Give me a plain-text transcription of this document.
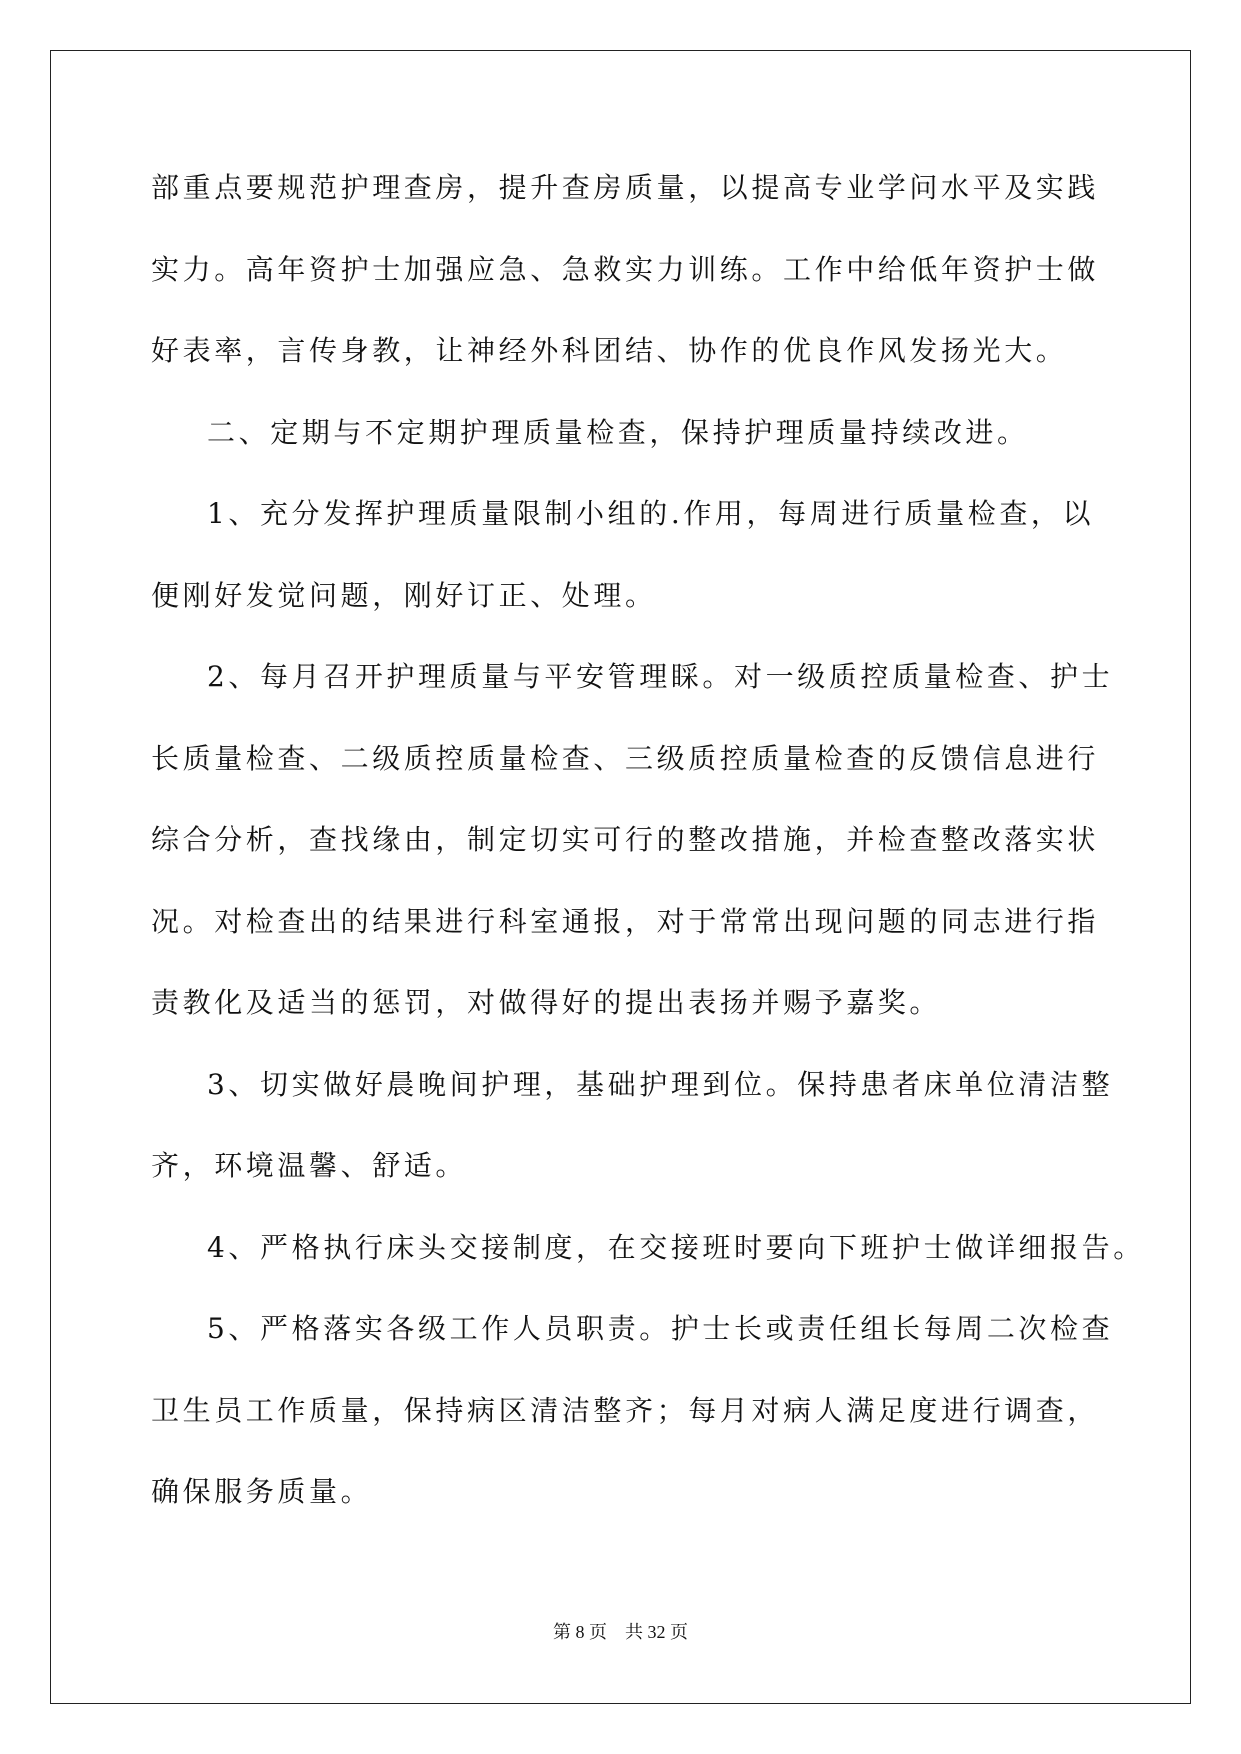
部重点要规范护理查房，提升查房质量，以提高专业学问水平及实践
实力。高年资护士加强应急、急救实力训练。工作中给低年资护士做
好表率，言传身教，让神经外科团结、协作的优良作风发扬光大。
二、定期与不定期护理质量检查，保持护理质量持续改进。
1、充分发挥护理质量限制小组的.作用，每周进行质量检查，以
便刚好发觉问题，刚好订正、处理。
2、每月召开护理质量与平安管理睬。对一级质控质量检查、护士
长质量检查、二级质控质量检查、三级质控质量检查的反馈信息进行
综合分析，查找缘由，制定切实可行的整改措施，并检查整改落实状
况。对检查出的结果进行科室通报，对于常常出现问题的同志进行指
责教化及适当的惩罚，对做得好的提出表扬并赐予嘉奖。
3、切实做好晨晚间护理，基础护理到位。保持患者床单位清洁整
齐，环境温馨、舒适。
4、严格执行床头交接制度，在交接班时要向下班护士做详细报告。
5、严格落实各级工作人员职责。护士长或责任组长每周二次检查
卫生员工作质量，保持病区清洁整齐；每月对病人满足度进行调查，
确保服务质量。
第 8 页    共 32 页
